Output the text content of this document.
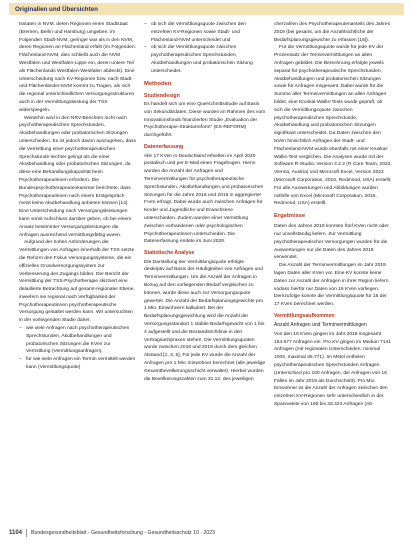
Originalien und Übersichten

tsstaten in NVM, deren Regionen einen Stadtstaat (Bremen, Berlin und Hamburg) umgeben: im Folgenden Stadt-NVM, geringer war als in den NVM, deren Regionen an Flächenland erfüllt (im Folgenden: Flächenland-NVM, dies schließt auch die NVM Westfalen und Westfalen-Lippe ein, deren untere Teil als Flächenlands Westfalen-Westfalen abdeckt). Eine Unterscheidung nach KV-Regionen bzw. nach Stadt- und Flächenländer-NVM kommt zu Tragen, als sich die regional unterschiedlichen Versorgungsstrukturen auch in der Vermittlungsleistung der TSS widerspiegeln.

Weiterhin wird in den NRV-Berichten nicht nach psychotherapeutischen Sprechstunden, Akutbehandlungen oder probatorischen Sitzungen unterschieden. Es ist jedoch davon auszugehen, dass die Vermittlung einer psychotherapeutischen Sprechstunde leichter gelingt als die einer Akutbehandlung oder probatorischen Sitzungen, da diese eine Behandlungskapazität beim Psychotherapeutinnen erfordern. Die Bundespsychotherapeutenkammer berichtete, dass Psychotherapeutinnen nach einem Erstgespräch meist keine Akutbehandlung anbieten können [14]. Eine Unterscheidung nach Versorgungsleistungen kann somit Aufschluss darüber geben, ob bei einem Ansatz bestimmter Versorgungsleistungen die Anfragen ausreichend vermittlungsfähig waren.

Aufgrund der hohen Anforderungen die Vermittlungen von Anfragen innerhalb der TSS setzte die Reform den Fokus Versorgungssysteme, die ein offizielles Grundversorgungssystem zur Verbesserung des Zugangs bilden. Der Bericht der Vermittlung der TSS-Psychotherapie skizziert eine detaillierte Betrachtung auf gesamt-regionaler Ebene, inwiefern sie regional nach Verfügbarkeit der Psychotherapeutinnen psychotherapeutische Versorgung gestaltet werden kann. Wir untersuchten in der vorliegenden Studie daher,

– wie viele Anfragen nach psychotherapeutischen Sprechstunden, Akutbehandlungen und probatorischen Sitzungen die KVen zur Vermittlung (Vermittlungsanfragen),
– für wie viele Anfragen ein Termin vermittelt werden kann (Vermittlungsquote)
– ob sich die Vermittlungsquote zwischen den einzelnen KV-Regionen sowie Stadt- und Flächenland-NVM unterscheidet und
– ob sich die Vermittlungsquote zwischen psychotherapeutischen Sprechstunden, Akutbehandlungen und probatorischen Sitzung unterscheidet.
Methoden
Studiendesign

Es handelt sich um eine Querschnittsstudie auf Basis von Sekundärdaten. Diese wurden im Rahmen des vom Innovationsfonds finanzierten Studie „Evaluation der Psychotherapie-Strukturreform“ (ES-REFORM) durchgeführt.

Datenerfassung

Alle 17 KVen in Deutschland erhielten im April 2020 postalisch und per E-Mail einen Fragebogen. Hierin wurden die Anzahl der Anfragen und Terminvermittlungen für psychotherapeutische Sprechstunden, Akutbehandlungen und probatorischen Sitzungen für die Jahre 2018 und 2019 in aggregierter Form erfragt. Dabei wurde auch zwischen Anfragen für Kinder und Jugendliche und Erwachsene unterschieden. Zudem wurden einer Vermittlung zwischen vorhandenen oder psychologischen Psychotherapeutinnen unterschieden. Die Datenerfassung endete im Juni 2020.

Statistische Analyse

Die Darstellung der Vermittlungsquote erfolgte deskriptiv auf Basis der Häufigkeiten von Anfragen und Terminvermittlungen. Um die Anzahl der Anfragen in Bezug auf den vorliegenden Bedarf vergleichen zu können, wurde diese auch zur Versorgungsquote gewertet. Die Anzahl der Bedarfsplanungsgewichte pro 1 Mio. Einwohnern kalkuliert. Bei der Bedarfsplanungsgewichtung wird die Anzahl der Versorgungsstandort 1 stabile Bedarfsgewicht von 1 bis 4 aufgestellt und die Bestandsrichtlinie in den Vertragsarztpraxen stehen. Die Vermittlungsquoten wurde zwischen 2018 und 2019 durch dem gleichen Abstand [1, 3, 5]. Für jede KV wurde die Anzahl der Anfragen pro 1 Mio. Einwohner berechnet (alle jeweilige Gesamtbevölkerungsschicht verwaltet). Hierbei wurden die Bevölkerungszahlen zum 31.12. des jeweiligen

cherzahlen des Psychotherapeutenanteils des Jahres 2019 (bei gesamt, um die Anzahlsichtliche der Bedarfsplanungsgewichte zu erfassen [16]).

Für die Vermittlungsquote wurde für jede KV der Prozentsatz der Terminvermittlungen an allen Anfragen gebildet. Die Berechnung erfolgte jeweils separat für psychotherapeutische Sprechstunden, Akutbehandlungen und probatorischen Sitzungen sowie für Anfragen insgesamt. Dabei wurde für die Summe aller Terminvermittlungen an allen Anfragen bildet, eine Kruskal-Wallis-Tests wurde geprüft, ob sich die Vermittlungsquote zwischen psychotherapeutischen Sprechstunde, Akutbehandlung und probatorischen Sitzungen signifikant unterscheidet. Da Daten zwischen den NVen hinsichtlich Anfragen der Stadt- und Flächenland-NVM wurde ebenfalls mit einer Kruskal-Wallis-Test verglichen. Die Analysen wurde mit der Software R-Studio, Version 4.2.2 (R Core Team, 2023, Vienna, Austria) und Microsoft Excel, Version 2022 (Microsoft Corporation, 2016, Redmond, USA) erstellt. Für alle Auswertungen und Abbildungen wurden mithilfe von Excel (Microsoft Corporation, 2016, Redmond, USA) erstellt.

Ergebnisse

Daten des Jahres 2018 konnten fünf KVen nicht oder nur unvollständig liefern. Zur Vermittlung psychotherapeutischer Versorgungen wurden für die Auswertungen nur die Daten des Jahres 2019 verwendet.

Die Anzahl der Terminvermittlungen im Jahr 2019 lagen Daten aller KVen vor. Eine KV konnte keine Daten zur Anzahl der Anfragen in ihrer Region liefern, sodass hierfür nur Daten von 16 KVen vorliegen. Demzufolge konnte die Vermittlungsquote für 16 der 17 KVen berechnet werden.

Vermittlungsaufkommen
Anzahl Anfragen und Terminvermittlungen

Von den 16 KVen gingen im Jahr 2019 insgesamt 154.677 Anfragen ein. Pro KV gingen im Median 7141 Anfragen (mit regionalen Unterschieden: minimal 1004, maximal 36.771). Im Mittel entfielen psychotherapeutischen Sprechstunden Anfragen (Unterschied pro 100 Anfragen, die Anfragen von 16 Fällen im Jahr 2019 als Durchschnitt). Pro Mio. Einwohner ist die Anzahl der Anfragen zwischen den einzelnen KV-Regionen sehr unterschiedlich in der Spannweite von 195 bis 33.424 Anfragen (Ab-

1104 Bundesgesundheitsblatt - Gesundheitsforschung - Gesundheitsschutz 10 · 2023
